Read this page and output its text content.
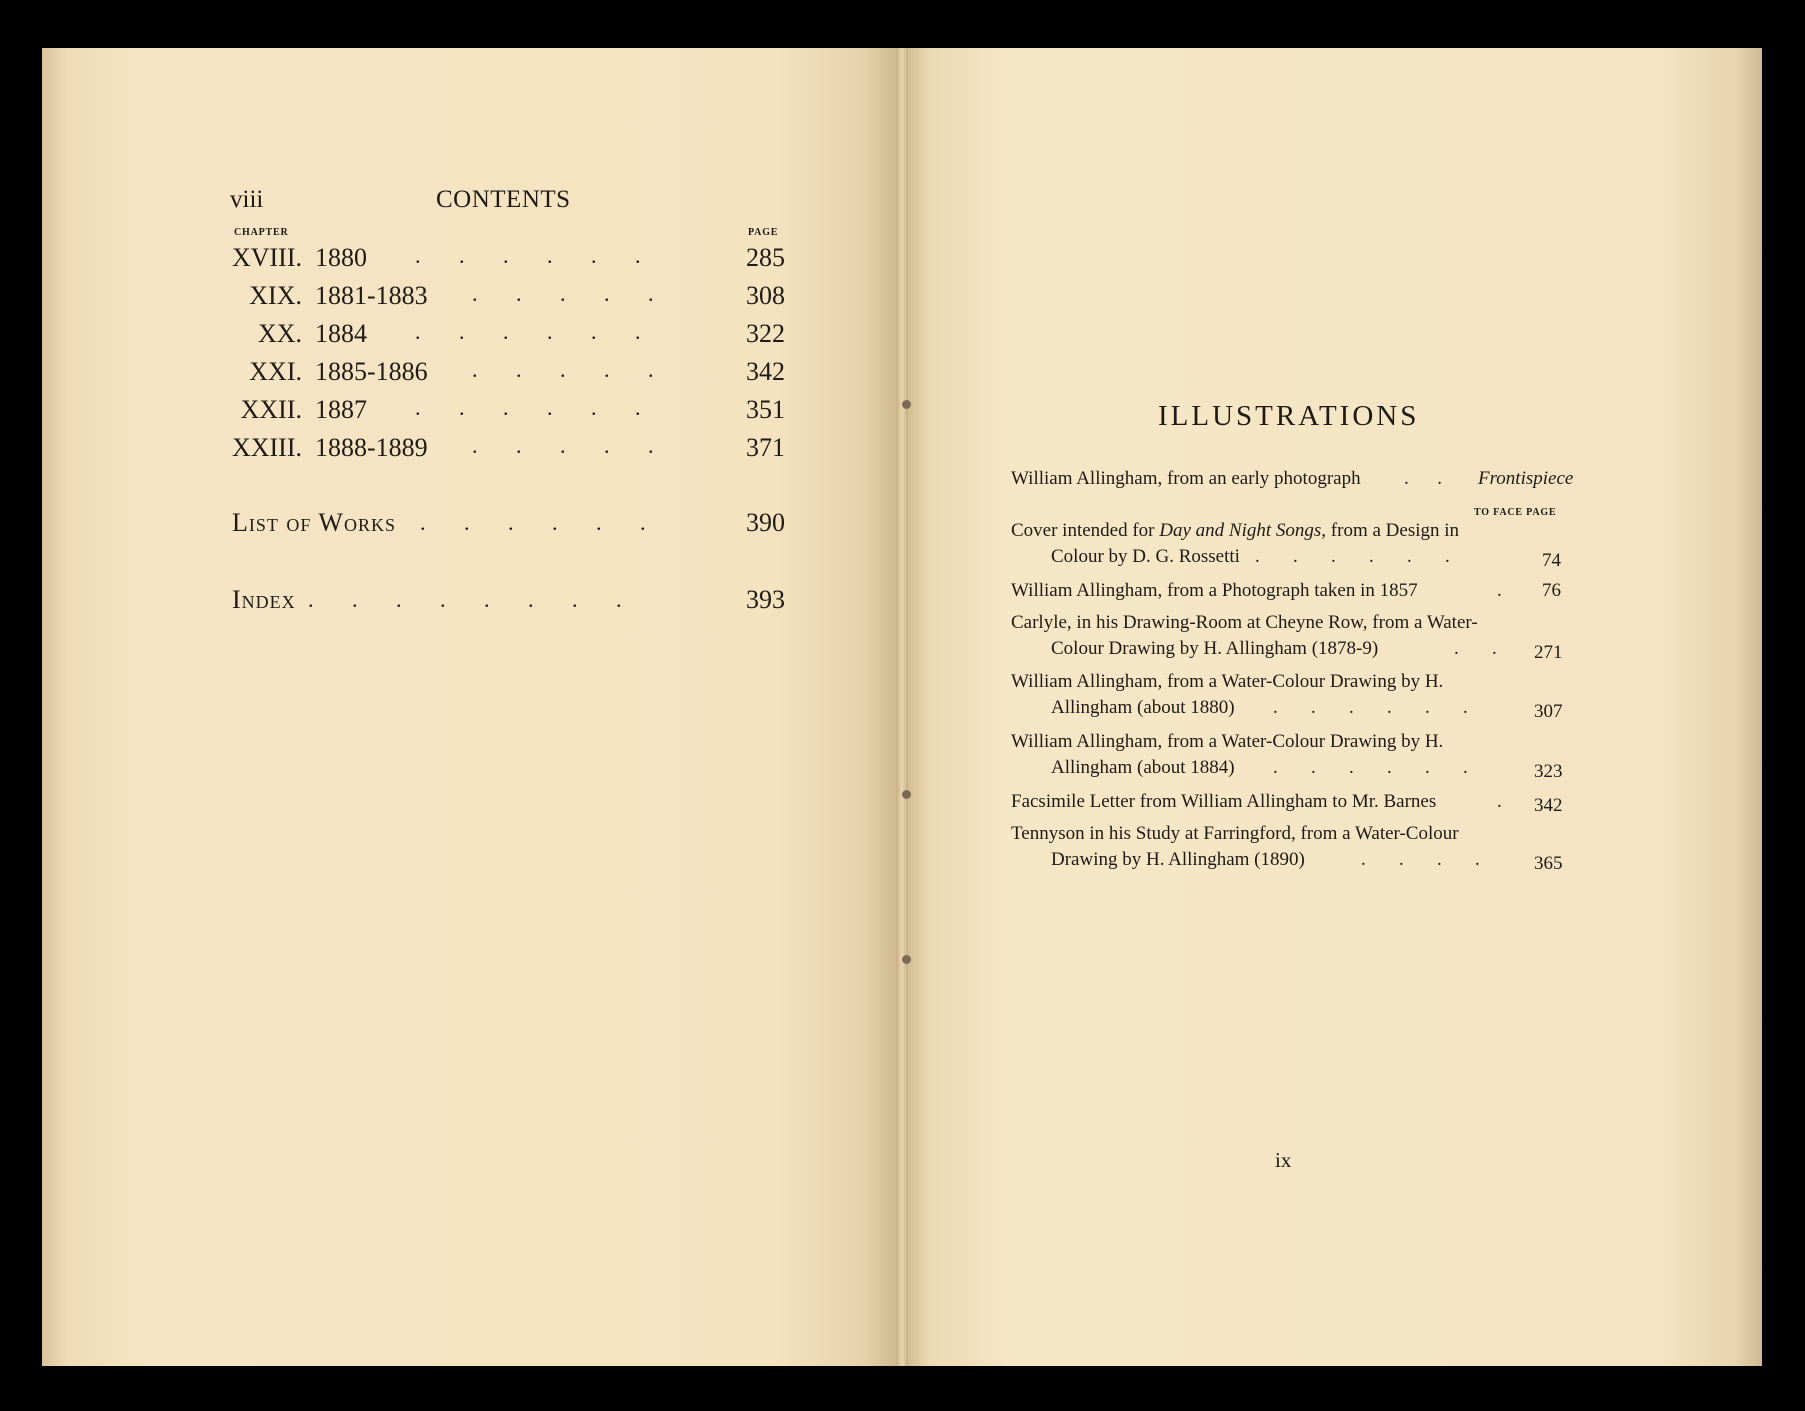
viii	CONTENTS
CHAPTER	PAGE
XVIII. 1880 .       .       .       .       .       .	285
XIX. 1881-1883 .       .       .       .       .	308
XX. 1884 .       .       .       .       .       .	322
XXI. 1885-1886 .       .       .       .       .	342
XXII. 1887 .       .       .       .       .       .	351
XXIII. 1888-1889 .       .       .       .       .	371
List of Works .       .       .       .       .       .	390
Index .       .       .       .       .       .       .       .	393
ILLUSTRATIONS
William Allingham, from an early photograph .      . Frontispiece
TO FACE PAGE
Cover intended for Day and Night Songs, from a Design in
Colour by D. G. Rossetti .       .       .       .       .       .	74
William Allingham, from a Photograph taken in 1857	. 76
Carlyle, in his Drawing-Room at Cheyne Row, from a Water-
Colour Drawing by H. Allingham (1878-9)	.       . 271
William Allingham, from a Water-Colour Drawing by H.
Allingham (about 1880) .       .       .       .       .       .	307
William Allingham, from a Water-Colour Drawing by H.
Allingham (about 1884) .       .       .       .       .       .	323
Facsimile Letter from William Allingham to Mr. Barnes	. 342
Tennyson in his Study at Farringford, from a Water-Colour
Drawing by H. Allingham (1890)	.       .       .       .	365
ix
